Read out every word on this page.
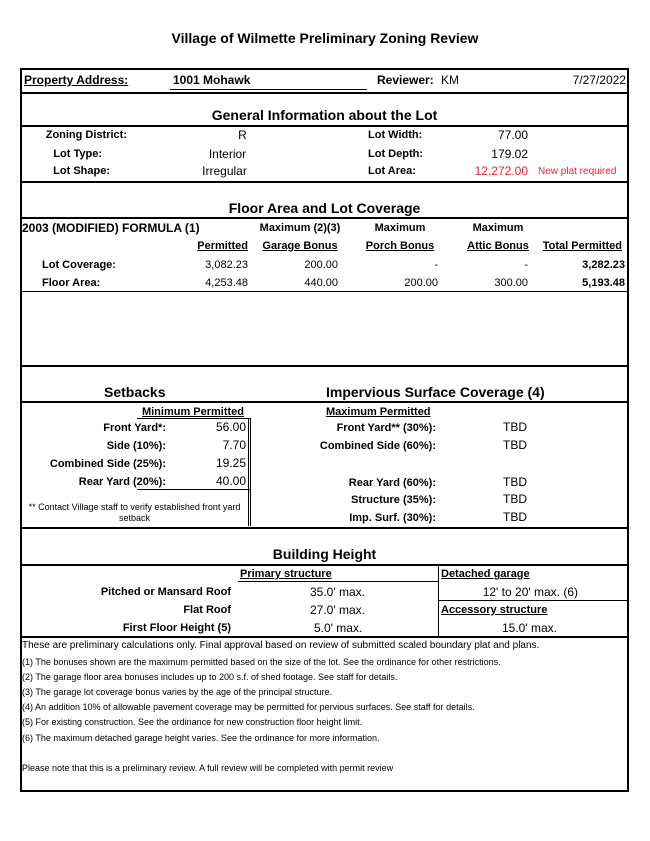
Village of Wilmette Preliminary Zoning Review
Property Address:	1001 Mohawk	Reviewer: KM	7/27/2022
General Information about the Lot
Zoning District:	R	Lot Width:	77.00
Lot Type:	Interior	Lot Depth:	179.02
Lot Shape:	Irregular	Lot Area:	12,272.00 New plat required
Floor Area and Lot Coverage
2003 (MODIFIED) FORMULA (1)	Maximum (2)(3)	Maximum	Maximum
Permitted	Garage Bonus	Porch Bonus	Attic Bonus	Total Permitted
Lot Coverage:	3,082.23	200.00	-	-	3,282.23
Floor Area:	4,253.48	440.00	200.00	300.00	5,193.48
Setbacks	Impervious Surface Coverage (4)
Minimum Permitted	Maximum Permitted
Front Yard*:	56.00
Side (10%):	7.70
Combined Side (25%):	19.25
Rear Yard (20%):	40.00
** Contact Village staff to verify established front yard setback
Front Yard** (30%):	TBD
Combined Side (60%):	TBD
Rear Yard (60%):	TBD
Structure (35%):	TBD
Imp. Surf. (30%):	TBD
Building Height
Primary structure	Detached garage
Pitched or Mansard Roof	35.0' max.	12' to 20' max. (6)
Flat Roof	27.0' max.	Accessory structure
First Floor Height (5)	5.0' max.	15.0' max.
These are preliminary calculations only. Final approval based on review of submitted scaled boundary plat and plans.
(1) The bonuses shown are the maximum permitted based on the size of the lot. See the ordinance for other restrictions.
(2) The garage floor area bonuses includes up to 200 s.f. of shed footage. See staff for details.
(3) The garage lot coverage bonus varies by the age of the principal structure.
(4) An addition 10% of allowable pavement coverage may be permitted for pervious surfaces. See staff for details.
(5) For existing construction. See the ordinance for new construction floor height limit.
(6) The maximum detached garage height varies. See the ordinance for more information.
Please note that this is a preliminary review. A full review will be completed with permit review
